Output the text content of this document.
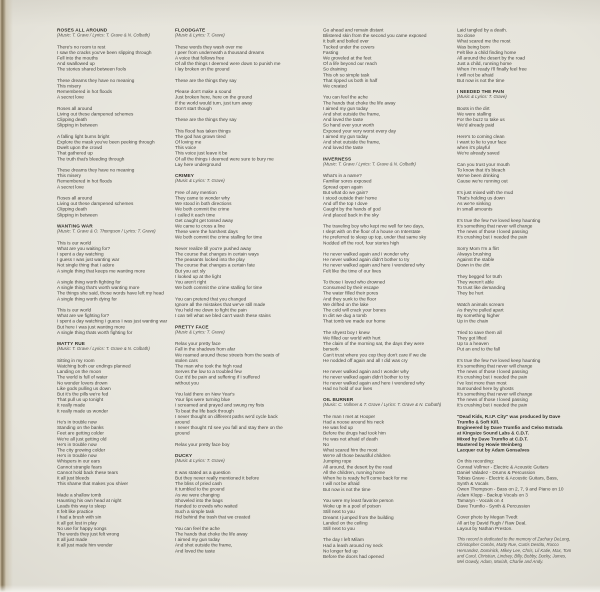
ROSES ALL AROUND
(Music: T. Grave / Lyrics: T. Grave & N. Colbath)
There's no room to rest
I saw the cracks you've been slipping through
Fell into the mouths
And swallowed up
The stories shared between fools
These dreams they have no meaning
This misery
Remembered in hot floods
A secret love
Roses all around
Living out these dampened schemes
Clipping death
Slipping in between
A falling light burns bright
Explore the mask you've been peeking through
Dwelt upon the crowd
That gathered up
The truth that's bleeding through
These dreams they have no meaning
This misery
Remembered in hot floods
A secret love
Roses all around
Living out these dampened schemes
Clipping death
Slipping in between
WANTING WAR
(Music: T. Grave & O. Thompson / Lyrics: T. Grave)
This is our world
What are you waiting for?
I spent a day watching
I guess I was just wanting war
Not single thing that I adore
A single thing that keeps me wanting more
A single thing worth fighting for
A single thing that's worth wanting more
The things she said, those words have left my head
A single thing worth dying for
This is our world
What are we fighting for?
I spent a day watching I guess I was just wanting war
But here I was just wanting more
A single thing thats worth fighting for
MATTY RUE
(Music: T. Grave / Lyrics: T. Grave & N. Colbath)
Sitting in my room
Watching both our endings planned
Landing on the moon
The world is full of water
No wonder lovers drown
Like gods pulling us down
But it's the pills we're fed
That pull us up tonight
It really made
It really made us wonder
He's in trouble now
Standing on the banks
Feet are getting colder
We're all just getting old
He's in trouble now
The city growing colder
He's in trouble now
Whispers in our ears
Cannot strangle fears
Cannot hold back these tears
It all just bleeds
This shame that makes you shiver
Made a shallow tomb
Haunting his own head at night
Leads this way to sleep
It felt like practice
I had a brush with sin
It all got lost in play
No use for happy songs
The words they just felt wrong
It all just made
It all just made him wonder
FLOODGATE
(Music & Lyrics: T. Grave)
These words they wash over me
I peer from underneath a thousand dreams
A voice that follows free
Of all the things I deemed were down to punish me
I lay broken on the ground
These are the things they say
Please don't make a sound
Just broken here, here on the ground
If the world would turn, just turn away
Don't start though
These are the things they say
This flood has taken things
The god has grown tired
Of loving me
This voice
This voice just leave it be
Of all the things I deemed were sure to bury me
Lay here underground
CRIMEY
(Music & Lyrics: T. Grave)
Free of any mention
They came to wonder why
We stood in both directions
We both commit the crime
I called it each time
Get caught get tossed away
We came to cross a line
These were the harshest days
We both commit the crime stalling for time
Never realize till you're pushed away
The course that changes in certain ways
The peasants locked into the play
The course that changes a certain fate
But you act sly
I looked up at the light
You aren't right
We both commit the crime stalling for time
You can pretend that you changed
Ignore all the mistakes that we've still made
You held me down to fight the pain
I can tell what we bled can't wash these stains
PRETTY FACE
(Music & Lyrics: T. Grave)
Relax your pretty face
Fall in the shadows from afar
We roamed around these streets from the seats of
stolen cars
The man who took the high road
Serves the low to a troubled few
Cuz it'd be pain and suffering if I suffered
without you
You laid there on New Year's
Your lips were turning blue
I screamed and prayed and swung my fists
To beat the life back through
I never thought on different paths we'd cycle back
around
I never thought I'd see you fall and stay there on the
ground
Relax your pretty face boy
DUCKY
(Music & Lyrics: T. Grave)
It was stated as a question
But they never really mentioned it before
The bliss of pried cash
It tumbled to the ground
As we were changing
Shoveled into the bags
Handed to crowds who waited
Such a simple task
Hid behind the trash that we created
You can feel the ache
The hands that choke the life away
I aimed my gun today
And shot outside the frame,
And loved the taste
Go ahead and remain distant
Blistered skin from the second you came exposed
It built and boiled over
Tucked under the covers
Fasting
We groveled at the feet
Of a life beyond our reach
So draining
This oh so simple task
That ripped us both in half
We created
You can feel the ache
The hands that choke the life away
I aimed my gun today
And shot outside the frame,
And loved the taste
So hand over your worth
Exposed your very worst every day
I aimed my gun today
And shot outside the frame,
And loved the taste
INVERNESS
(Music: T. Grave / Lyrics: T. Grave & N. Colbath)
What's in a name?
Familiar sores exposed
Spread open again
But what do we gain?
I stood outside their home
And off the top I dove
Caught by the hands of god
And placed back in the sky
The traveling boy who kept me well for two days,
I slept with on the floor of a house on Interstate
He preferred to sleep up top, under that same sky
Nodded off the roof, four stories high
He never walked again and I wonder why
He never walked again didn't bother to try
He never walked again and here I wondered why
Felt like the time of our lives
To those I loved who drowned
Consumed by their escape
The water filled their pores
And they sunk to the floor
We drifted on the lake
The cold will crack your bones
In dirt we dug a tomb
That tomb we made our home
The shyest boy I knew
We filled our world with hurt
The claim of the morning sat, the days they were
berserk
Can't trust where you cop they don't care if we die
He nodded off again and all I did was cry
He never walked again and I wonder why
He never walked again didn't bother to try
He never walked again and here I wondered why
Had no hold of our lives
OIL BURNER
(Music: C. Vollmer & T. Grave / Lyrics: T. Grave & N. Colbath)
The man I met at Hooper
Had a noose around his neck
He was fed up
Before the drugs had took him
He was not afraid of death
No
What scared him the most
We're all those beautiful children
Jumping rope
All around, the desert by the road
All the children, running home
When he is ready he'll come back for me
I will not be afraid
But now is not the time
You were my least favorite person
Woke up in a pool of poison
Still next to you
Dreamt I jumped from the building
Landed on the ceiling
Still next to you
The day I left Milam
Had a leash around my neck
No longer fed up
Before the doors had opened
Laid tangled by a death.
So close
What scared me the most
Was being born
Felt like a child finding home
All around the desert by the road
Just a child, running home
When I'm ready I'll finally feel free
I will not be afraid
But now is not the time
I NEEDED THE PAIN
(Music & Lyrics: T. Grave)
Boots in the dirt
We were stalling
For the buzz to take us
We'd already paid
Here's to coming clean
I want to lie to your face
when it's playful
We're already saved
Can you trust your mouth
To know that it's bleach
We've been drinking
Cause we're running out
It's just mixed with the mud
That's holding us down
As we're sinking
In small amounts
It's true the few I've loved keep haunting
It's something that never will change
The news of those I loved passing
It's crushing but I needed the pain
Sorry Mom I'm a flirt
Always brushing
Against the stable
Down in the dirt
They begged for truth
They weren't able
To trust like demanding
They be hurt
Watch animals scream
As they're pulled apart
By something higher
Up in the chain
Tried to save them all
They got lifted
Up to a heaven
Put an end to the fall
It's true the few I've loved keep haunting
It's something that never will change
The news of those I loved passing
It's crushing but I needed the pain
I've lost more than most
Surrounded here by ghosts
It's something that never will change
The news of those I loved passing
It's crushing but I needed the pain
"Dead Kids, R.I.P. City" was produced by Dave
Trumfio & Soft Kill.
Engineered by Dave Trumfio and Celso Estrada
at Kingsize Sound Labs & C.D.T.
Mixed by Dave Trumfio at C.D.T.
Mastered by Howie Weinberg
Lacquer cut by Adam Gonsalves
On this recording:
Conrad Vollmer - Electric & Acoustic Guitars
Daniel Valadez - Drums & Percussion
Tobias Grave - Electric & Acoustic Guitars, Bass,
Synth & Vocals
Owen Thompson - Bass on 2, 7, 9 and Piano on 10
Adam Klopp - Backup Vocals on 3
Tamaryn - Vocals on 4
Dave Trumfio - Synth & Percussion
Cover photo by Megan Tvedt
All art by David Rugh / Raw Deal.
Layout by Nathan Preston.
This record is dedicated to the memory of Zachary DeLong,
Christopher Combs, Matty Rue, Curtis Destito, Rocco
Hernandez, Dominick, Mikey Lee, Chris, Lil Katie, Max, Tom
and Carol, Christian, Lindsey, Billy, Bobby, Ducky, James,
Mel Gowdy, Adam, Mariah, Charlie and Andy.
